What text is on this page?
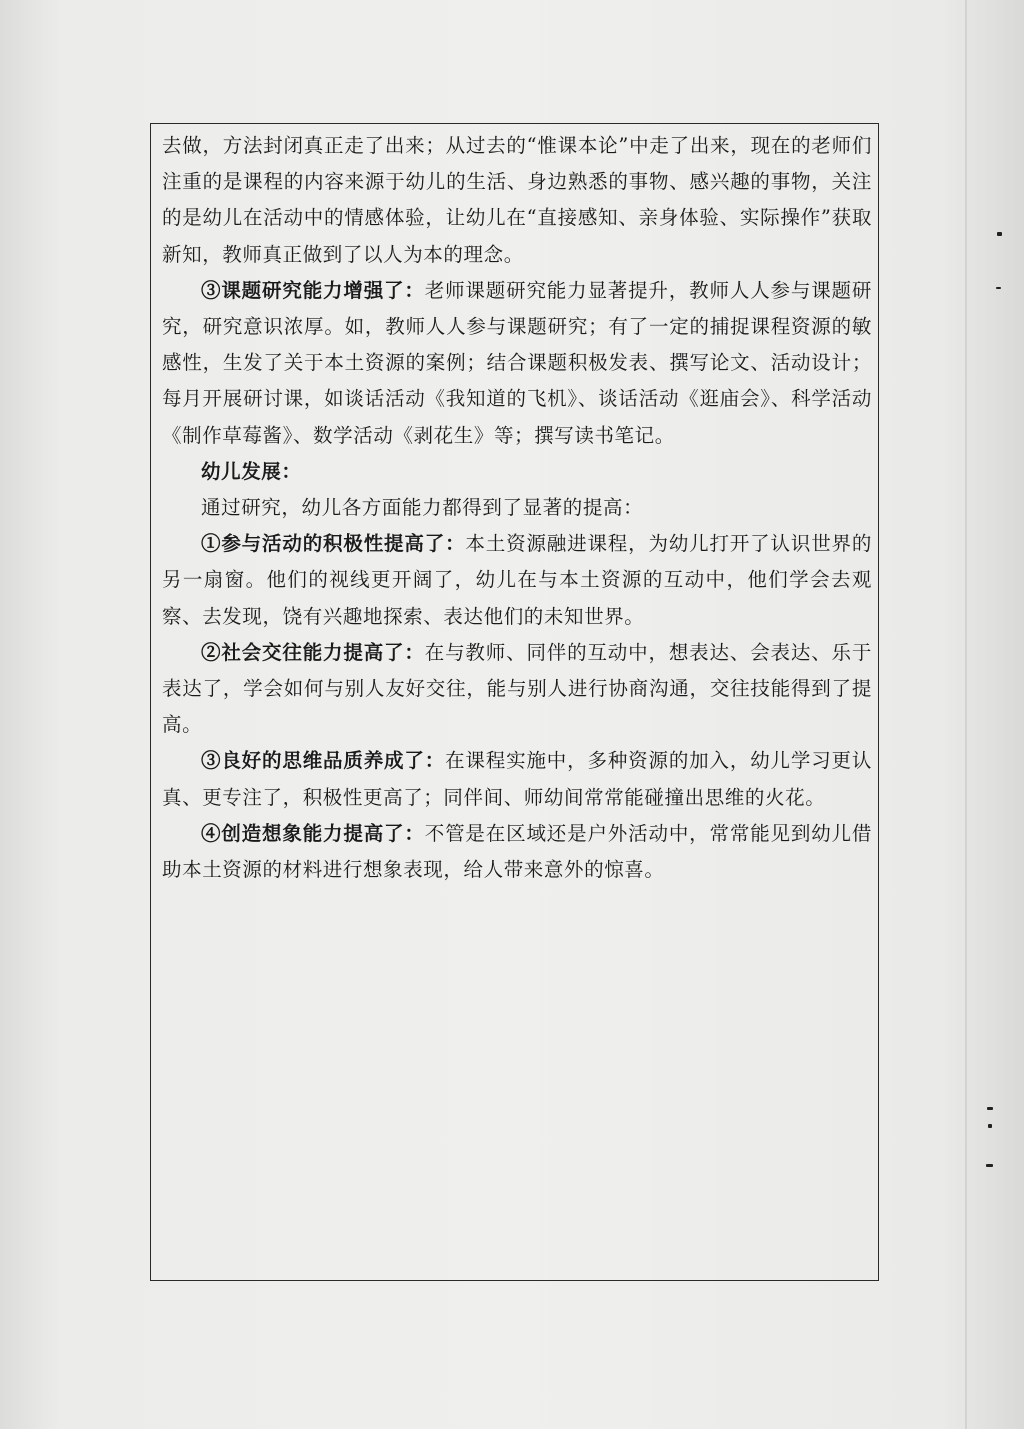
去做，方法封闭真正走了出来；从过去的“惟课本论”中走了出来，现在的老师们注重的是课程的内容来源于幼儿的生活、身边熟悉的事物、感兴趣的事物，关注的是幼儿在活动中的情感体验，让幼儿在“直接感知、亲身体验、实际操作”获取新知，教师真正做到了以人为本的理念。

③课题研究能力增强了：老师课题研究能力显著提升，教师人人参与课题研究，研究意识浓厚。如，教师人人参与课题研究；有了一定的捕捉课程资源的敏感性，生发了关于本土资源的案例；结合课题积极发表、撰写论文、活动设计；每月开展研讨课，如谈话活动《我知道的飞机》、谈话活动《逛庙会》、科学活动《制作草莓酱》、数学活动《剥花生》等；撰写读书笔记。

幼儿发展：

通过研究，幼儿各方面能力都得到了显著的提高：

①参与活动的积极性提高了：本土资源融进课程，为幼儿打开了认识世界的另一扇窗。他们的视线更开阔了，幼儿在与本土资源的互动中，他们学会去观察、去发现，饶有兴趣地探索、表达他们的未知世界。

②社会交往能力提高了：在与教师、同伴的互动中，想表达、会表达、乐于表达了，学会如何与别人友好交往，能与别人进行协商沟通，交往技能得到了提高。

③良好的思维品质养成了：在课程实施中，多种资源的加入，幼儿学习更认真、更专注了，积极性更高了；同伴间、师幼间常常能碰撞出思维的火花。

④创造想象能力提高了：不管是在区域还是户外活动中，常常能见到幼儿借助本土资源的材料进行想象表现，给人带来意外的惊喜。
